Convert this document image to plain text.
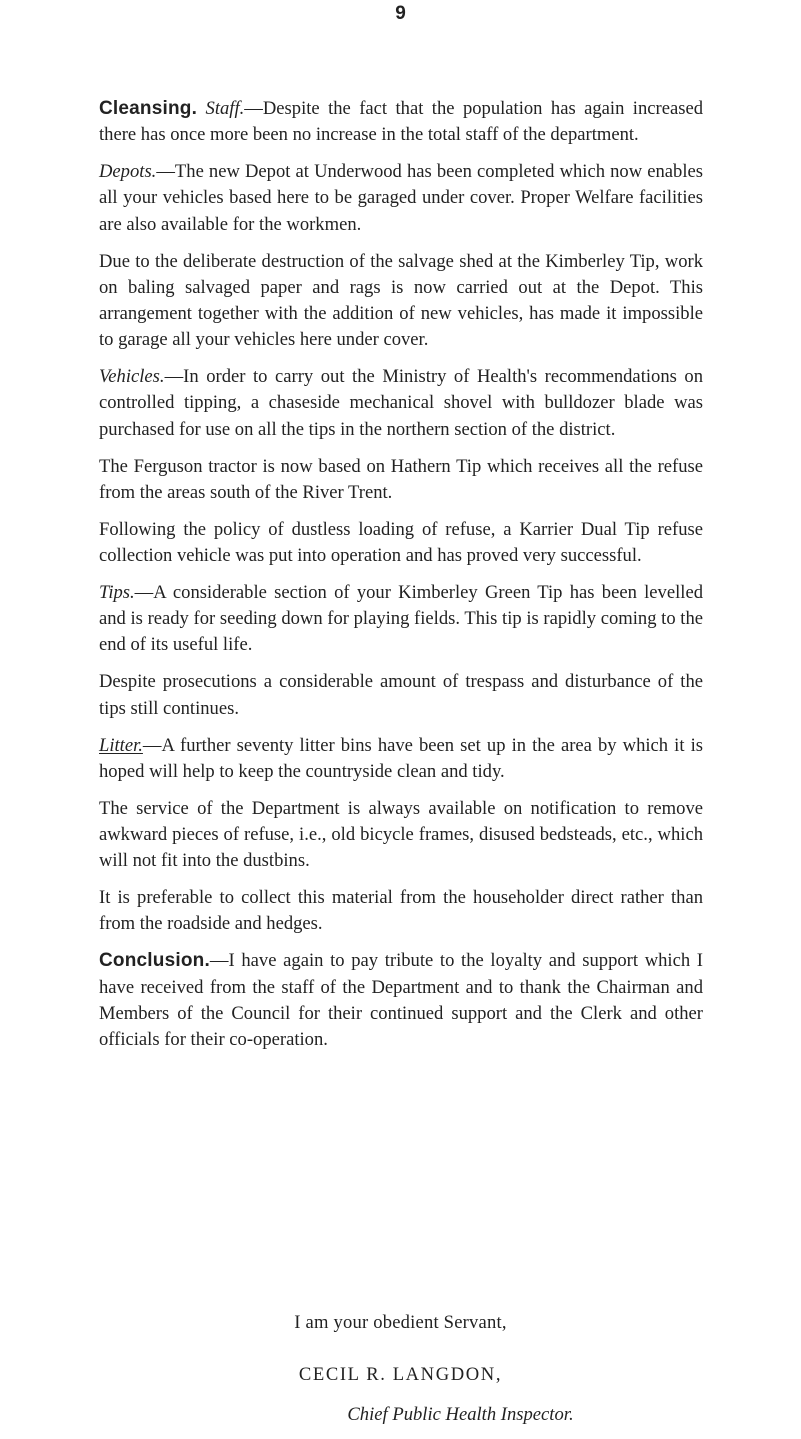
9

Cleansing. Staff.—Despite the fact that the population has again increased there has once more been no increase in the total staff of the department.

Depots.—The new Depot at Underwood has been completed which now enables all your vehicles based here to be garaged under cover. Proper Welfare facilities are also available for the workmen.

Due to the deliberate destruction of the salvage shed at the Kimberley Tip, work on baling salvaged paper and rags is now carried out at the Depot. This arrangement together with the addition of new vehicles, has made it impossible to garage all your vehicles here under cover.

Vehicles.—In order to carry out the Ministry of Health's recommendations on controlled tipping, a chaseside mechanical shovel with bulldozer blade was purchased for use on all the tips in the northern section of the district.

The Ferguson tractor is now based on Hathern Tip which receives all the refuse from the areas south of the River Trent.

Following the policy of dustless loading of refuse, a Karrier Dual Tip refuse collection vehicle was put into operation and has proved very successful.

Tips.—A considerable section of your Kimberley Green Tip has been levelled and is ready for seeding down for playing fields. This tip is rapidly coming to the end of its useful life.

Despite prosecutions a considerable amount of trespass and disturbance of the tips still continues.

Litter.—A further seventy litter bins have been set up in the area by which it is hoped will help to keep the countryside clean and tidy.

The service of the Department is always available on notification to remove awkward pieces of refuse, i.e., old bicycle frames, disused bedsteads, etc., which will not fit into the dustbins.

It is preferable to collect this material from the householder direct rather than from the roadside and hedges.

Conclusion.—I have again to pay tribute to the loyalty and support which I have received from the staff of the Department and to thank the Chairman and Members of the Council for their continued support and the Clerk and other officials for their co-operation.

I am your obedient Servant,
CECIL R. LANGDON,
Chief Public Health Inspector.
